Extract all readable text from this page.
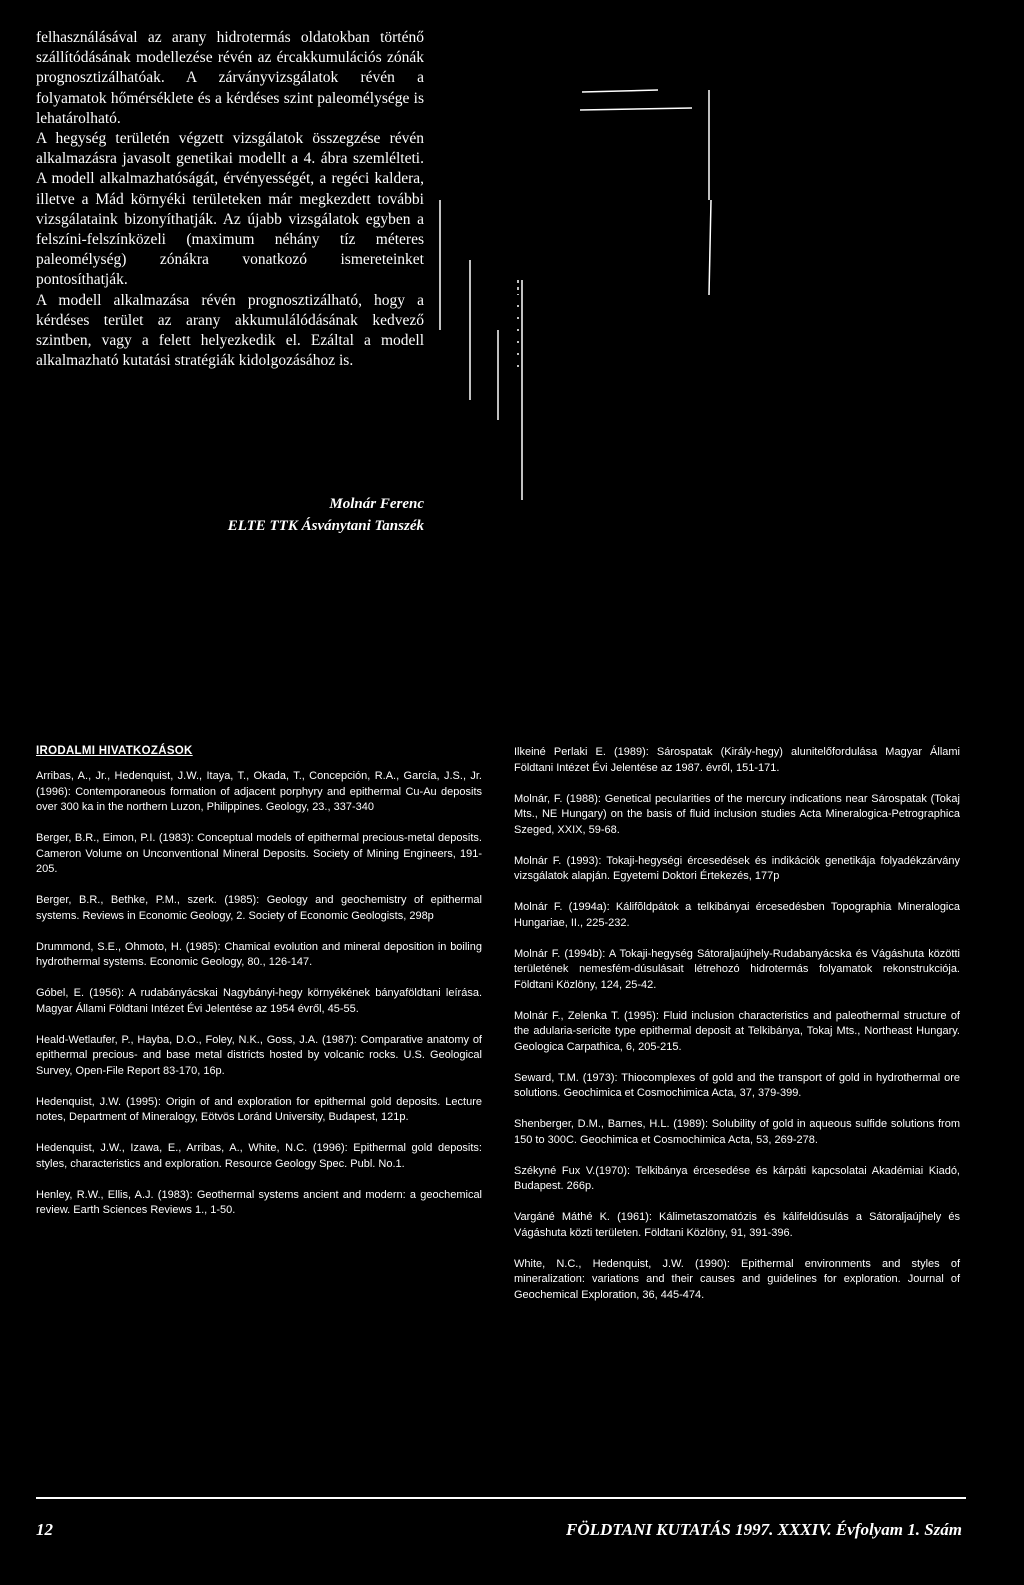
felhasználásával az arany hidrotermás oldatokban történő szállítódásának modellezése révén az ércakkumulációs zónák prognosztizálhatóak. A zárványvizsgálatok révén a folyamatok hőmérséklete és a kérdéses szint paleomélysége is lehatárolható.

A hegység területén végzett vizsgálatok összegzése révén alkalmazásra javasolt genetikai modellt a 4. ábra szemlélteti. A modell alkalmazhatóságát, érvényességét, a regéci kaldera, illetve a Mád környéki területeken már megkezdett további vizsgálataink bizonyíthatják. Az újabb vizsgálatok egyben a felszíni-felszínközeli (maximum néhány tíz méteres paleomélység) zónákra vonatkozó ismereteinket pontosíthatják.

A modell alkalmazása révén prognosztizálható, hogy a kérdéses terület az arany akkumulálódásának kedvező szintben, vagy a felett helyezkedik el. Ezáltal a modell alkalmazható kutatási stratégiák kidolgozásához is.

Molnár Ferenc
ELTE TTK Ásványtani Tanszék
IRODALMI HIVATKOZÁSOK

Arribas, A., Jr., Hedenquist, J.W., Itaya, T., Okada, T., Concepción, R.A., García, J.S., Jr. (1996): Contemporaneous formation of adjacent porphyry and epithermal Cu-Au deposits over 300 ka in the northern Luzon, Philippines. Geology, 23., 337-340

Berger, B.R., Eimon, P.I. (1983): Conceptual models of epithermal precious-metal deposits. Cameron Volume on Unconventional Mineral Deposits. Society of Mining Engineers, 191-205.

Berger, B.R., Bethke, P.M., szerk. (1985): Geology and geochemistry of epithermal systems. Reviews in Economic Geology, 2. Society of Economic Geologists, 298p

Drummond, S.E., Ohmoto, H. (1985): Chamical evolution and mineral deposition in boiling hydrothermal systems. Economic Geology, 80., 126-147.

Góbel, E. (1956): A rudabányácskai Nagybányi-hegy környékének bányaföldtani leírása. Magyar Állami Földtani Intézet Évi Jelentése az 1954 évről, 45-55.

Heald-Wetlaufer, P., Hayba, D.O., Foley, N.K., Goss, J.A. (1987): Comparative anatomy of epithermal precious- and base metal districts hosted by volcanic rocks. U.S. Geological Survey, Open-File Report 83-170, 16p.

Hedenquist, J.W. (1995): Origin of and exploration for epithermal gold deposits. Lecture notes, Department of Mineralogy, Eötvös Loránd University, Budapest, 121p.

Hedenquist, J.W., Izawa, E., Arribas, A., White, N.C. (1996): Epithermal gold deposits: styles, characteristics and exploration. Resource Geology Spec. Publ. No.1.

Henley, R.W., Ellis, A.J. (1983): Geothermal systems ancient and modern: a geochemical review. Earth Sciences Reviews 1., 1-50.

Ilkeiné Perlaki E. (1989): Sárospatak (Király-hegy) alunitelőfordulása Magyar Állami Földtani Intézet Évi Jelentése az 1987. évről, 151-171.

Molnár, F. (1988): Genetical pecularities of the mercury indications near Sárospatak (Tokaj Mts., NE Hungary) on the basis of fluid inclusion studies Acta Mineralogica-Petrographica Szeged, XXIX, 59-68.

Molnár F. (1993): Tokaji-hegységi ércesedések és indikációk genetikája folyadékzárvány vizsgálatok alapján. Egyetemi Doktori Értekezés, 177p

Molnár F. (1994a): Kálifõldpátok a telkibányai ércesedésben Topographia Mineralogica Hungariae, II., 225-232.

Molnár F. (1994b): A Tokaji-hegység Sátoraljaújhely-Rudabanyácska és Vágáshuta közötti területének nemesfém-dúsulásait létrehozó hidrotermás folyamatok rekonstrukciója. Földtani Közlöny, 124, 25-42.

Molnár F., Zelenka T. (1995): Fluid inclusion characteristics and paleothermal structure of the adularia-sericite type epithermal deposit at Telkibánya, Tokaj Mts., Northeast Hungary. Geologica Carpathica, 6, 205-215.

Seward, T.M. (1973): Thiocomplexes of gold and the transport of gold in hydrothermal ore solutions. Geochimica et Cosmochimica Acta, 37, 379-399.

Shenberger, D.M., Barnes, H.L. (1989): Solubility of gold in aqueous sulfide solutions from 150 to 300C. Geochimica et Cosmochimica Acta, 53, 269-278.

Székyné Fux V.(1970): Telkibánya ércesedése és kárpáti kapcsolatai Akadémiai Kiadó, Budapest. 266p.

Vargáné Máthé K. (1961): Kálimetaszomatózis és kálifeldúsulás a Sátoraljaújhely és Vágáshuta közti területen. Földtani Közlöny, 91, 391-396.

White, N.C., Hedenquist, J.W. (1990): Epithermal environments and styles of mineralization: variations and their causes and guidelines for exploration. Journal of Geochemical Exploration, 36, 445-474.

12	FÖLDTANI KUTATÁS 1997. XXXIV. Évfolyam 1. Szám
